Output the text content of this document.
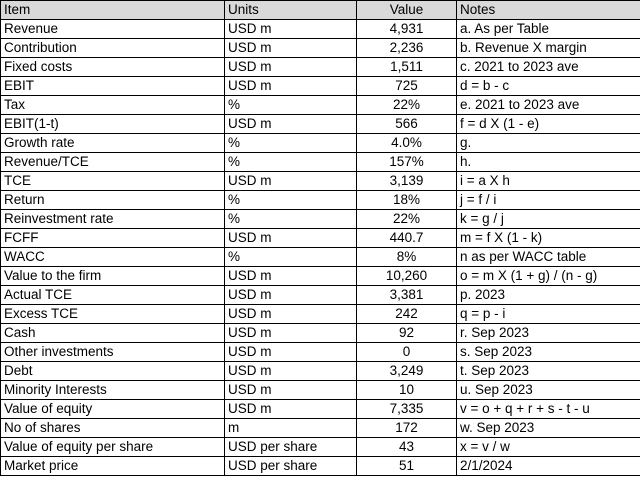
Item	Units	Value	Notes
Revenue	USD m	4,931	a. As per Table
Contribution	USD m	2,236	b. Revenue X margin
Fixed costs	USD m	1,511	c. 2021 to 2023 ave
EBIT	USD m	725	d = b - c
Tax	%	22%	e. 2021 to 2023 ave
EBIT(1-t)	USD m	566	f = d X (1 - e)
Growth rate	%	4.0%	g.
Revenue/TCE	%	157%	h.
TCE	USD m	3,139	i = a X h
Return	%	18%	j = f / i
Reinvestment rate	%	22%	k = g / j
FCFF	USD m	440.7	m = f X (1 - k)
WACC	%	8%	n as per WACC table
Value to the firm	USD m	10,260	o = m X (1 + g) / (n - g)
Actual TCE	USD m	3,381	p. 2023
Excess TCE	USD m	242	q = p - i
Cash	USD m	92	r. Sep 2023
Other investments	USD m	0	s. Sep 2023
Debt	USD m	3,249	t. Sep 2023
Minority Interests	USD m	10	u. Sep 2023
Value of equity	USD m	7,335	v = o + q + r + s - t - u
No of shares	m	172	w. Sep 2023
Value of equity per share	USD per share	43	x = v / w
Market price	USD per share	51	2/1/2024
